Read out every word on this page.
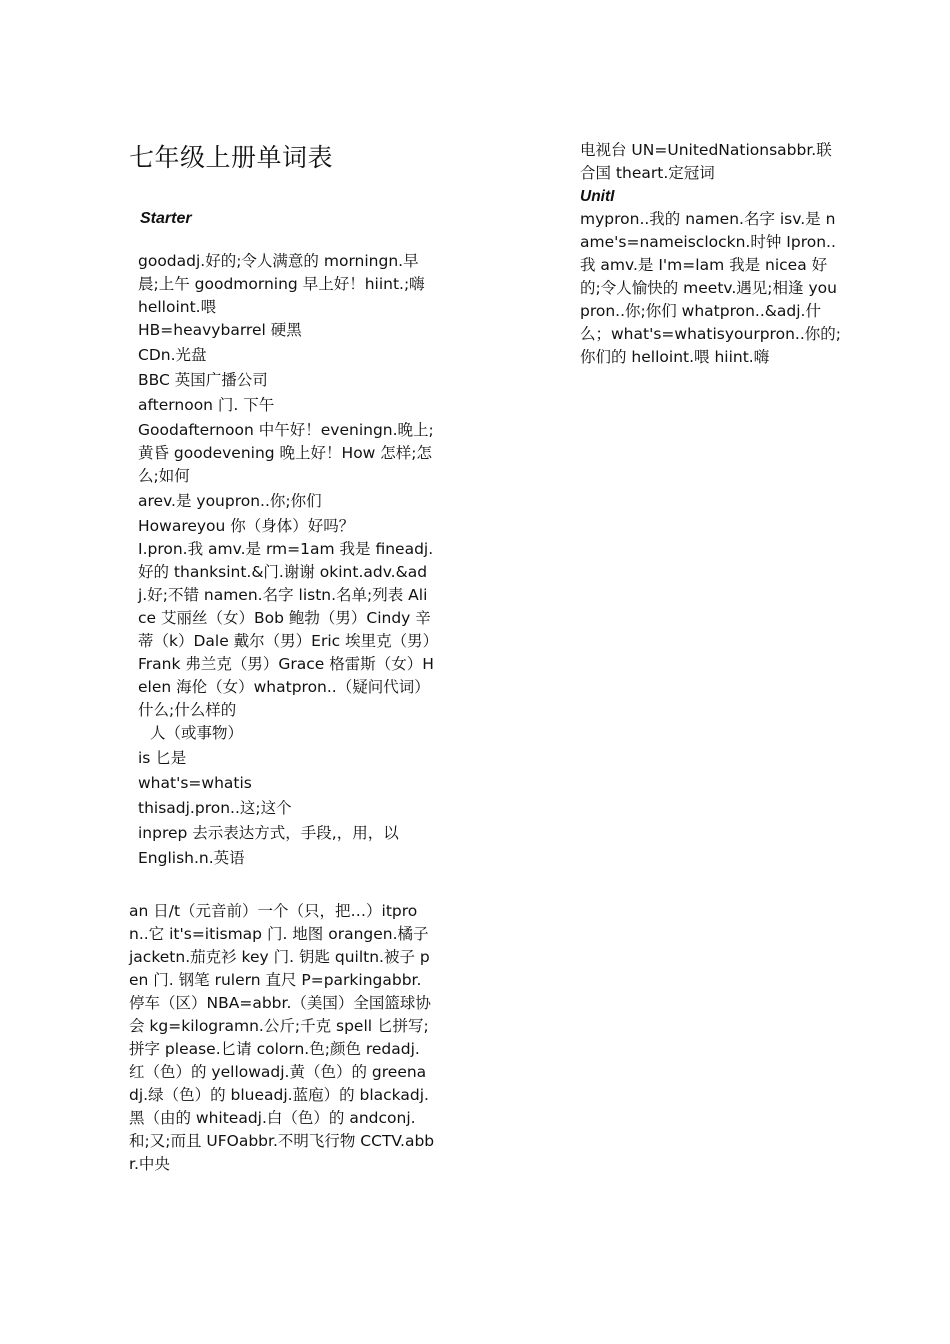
七年级上册单词表
Starter

goodadj.好的;令人满意的 morningn.早晨;上午 goodmorning 早上好！hiint.;嗨 helloint.喂

HB=heavybarrel 硬黑

CDn.光盘

BBC 英国广播公司

afternoon 门. 下午

Goodafternoon 中午好！eveningn.晚上;黄昏 goodevening 晚上好！How 怎样;怎么;如何

arev.是 youpron..你;你们

Howareyou 你（身体）好吗？

I.pron.我 amv.是 rm=1am 我是 fineadj.好的 thanksint.&门.谢谢 okint.adv.&adj.好;不错 namen.名字 listn.名单;列表 Alice 艾丽丝（女）Bob 鲍勃（男）Cindy 辛蒂（k）Dale 戴尔（男）Eric 埃里克（男）Frank 弗兰克（男）Grace 格雷斯（女）Helen 海伦（女）whatpron..（疑问代词）什么;什么样的

人（或事物）

is 匕是

what's=whatis

thisadj.pron..这;这个

inprep 去示表达方式，手段,，用，以

English.n.英语

an 日/t（元音前）一个（只，把…）itpron..它 it's=itismap 门. 地图 orangen.橘子 jacketn.茄克衫 key 门. 钥匙 quiltn.被子 pen 门. 钢笔 rulern 直尺 P=parkingabbr.停车（区）NBA=abbr.（美国）全国篮球协会 kg=kilogramn.公斤;千克 spell 匕拼写;拼字 please.匕请 colorn.色;颜色 redadj.红（色）的 yellowadj.黄（色）的 greenadj.绿（色）的 blueadj.蓝庖）的 blackadj.黑（由的 whiteadj.白（色）的 andconj.和;又;而且 UFOabbr.不明飞行物 CCTV.abbr.中央

电视台 UN=UnitedNationsabbr.联合国 theart.定冠词

UnitI

mypron..我的 namen.名字 isv.是 name's=nameisclockn.时钟 Ipron..我 amv.是 I'm=lam 我是 nicea 好的;令人愉快的 meetv.遇见;相逢 youpron..你;你们 whatpron..&adj.什么；what's=whatisyourpron..你的;你们的 helloint.喂 hiint.嗨
